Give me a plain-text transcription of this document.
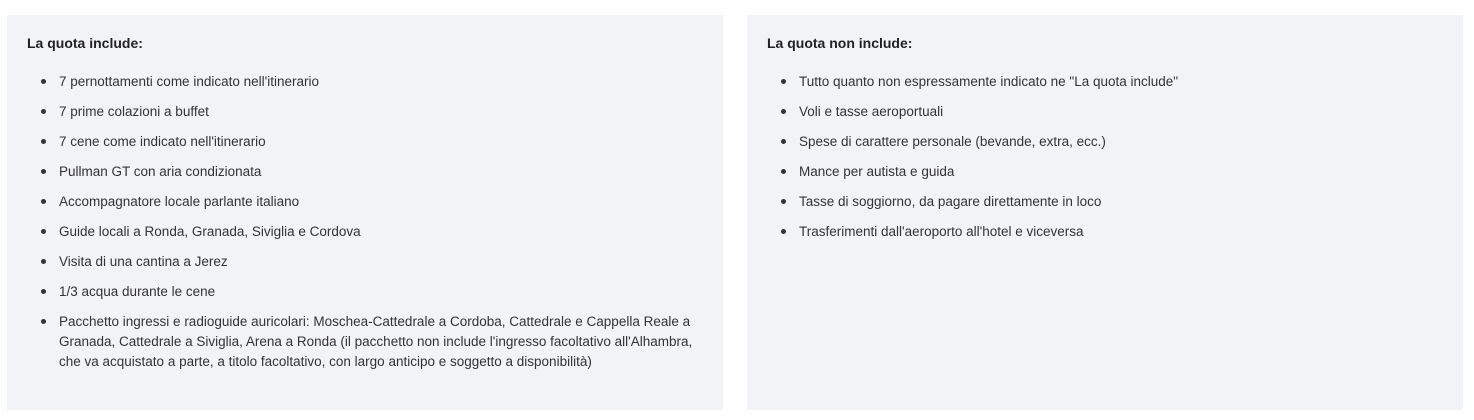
La quota include:
7 pernottamenti come indicato nell'itinerario
7 prime colazioni a buffet
7 cene come indicato nell'itinerario
Pullman GT con aria condizionata
Accompagnatore locale parlante italiano
Guide locali a Ronda, Granada, Siviglia e Cordova
Visita di una cantina a Jerez
1/3 acqua durante le cene
Pacchetto ingressi e radioguide auricolari: Moschea-Cattedrale a Cordoba, Cattedrale e Cappella Reale a Granada, Cattedrale a Siviglia, Arena a Ronda (il pacchetto non include l'ingresso facoltativo all'Alhambra, che va acquistato a parte, a titolo facoltativo, con largo anticipo e soggetto a disponibilità)
La quota non include:
Tutto quanto non espressamente indicato ne "La quota include"
Voli e tasse aeroportuali
Spese di carattere personale (bevande, extra, ecc.)
Mance per autista e guida
Tasse di soggiorno, da pagare direttamente in loco
Trasferimenti dall'aeroporto all'hotel e viceversa
